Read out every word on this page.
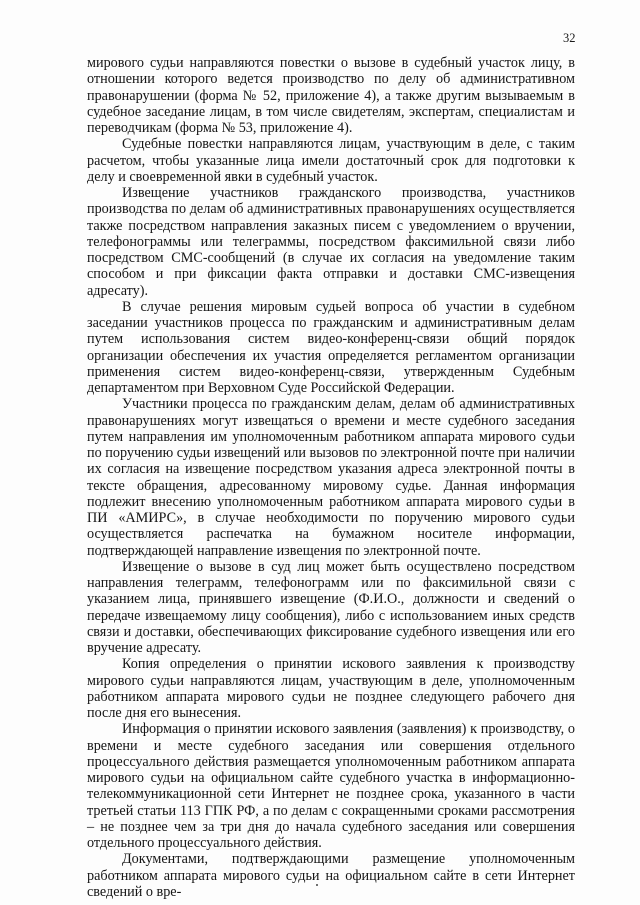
32

мирового судьи направляются повестки о вызове в судебный участок лицу, в отношении которого ведется производство по делу об административном правонарушении (форма № 52, приложение 4), а также другим вызываемым в судебное заседание лицам, в том числе свидетелям, экспертам, специалистам и переводчикам (форма № 53, приложение 4).

Судебные повестки направляются лицам, участвующим в деле, с таким расчетом, чтобы указанные лица имели достаточный срок для подготовки к делу и своевременной явки в судебный участок.

Извещение участников гражданского производства, участников производства по делам об административных правонарушениях осуществляется также посредством направления заказных писем с уведомлением о вручении, телефонограммы или телеграммы, посредством факсимильной связи либо посредством СМС-сообщений (в случае их согласия на уведомление таким способом и при фиксации факта отправки и доставки СМС-извещения адресату).

В случае решения мировым судьей вопроса об участии в судебном заседании участников процесса по гражданским и административным делам путем использования систем видео-конференц-связи общий порядок организации обеспечения их участия определяется регламентом организации применения систем видео-конференц-связи, утвержденным Судебным департаментом при Верховном Суде Российской Федерации.

Участники процесса по гражданским делам, делам об административных правонарушениях могут извещаться о времени и месте судебного заседания путем направления им уполномоченным работником аппарата мирового судьи по поручению судьи извещений или вызовов по электронной почте при наличии их согласия на извещение посредством указания адреса электронной почты в тексте обращения, адресованному мировому судье. Данная информация подлежит внесению уполномоченным работником аппарата мирового судьи в ПИ «АМИРС», в случае необходимости по поручению мирового судьи осуществляется распечатка на бумажном носителе информации, подтверждающей направление извещения по электронной почте.

Извещение о вызове в суд лиц может быть осуществлено посредством направления телеграмм, телефонограмм или по факсимильной связи с указанием лица, принявшего извещение (Ф.И.О., должности и сведений о передаче извещаемому лицу сообщения), либо с использованием иных средств связи и доставки, обеспечивающих фиксирование судебного извещения или его вручение адресату.

Копия определения о принятии искового заявления к производству мирового судьи направляются лицам, участвующим в деле, уполномоченным работником аппарата мирового судьи не позднее следующего рабочего дня после дня его вынесения.

Информация о принятии искового заявления (заявления) к производству, о времени и месте судебного заседания или совершения отдельного процессуального действия размещается уполномоченным работником аппарата мирового судьи на официальном сайте судебного участка в информационно-телекоммуникационной сети Интернет не позднее срока, указанного в части третьей статьи 113 ГПК РФ, а по делам с сокращенными сроками рассмотрения – не позднее чем за три дня до начала судебного заседания или совершения отдельного процессуального действия.

Документами, подтверждающими размещение уполномоченным работником аппарата мирового судьи на официальном сайте в сети Интернет сведений о вре-
